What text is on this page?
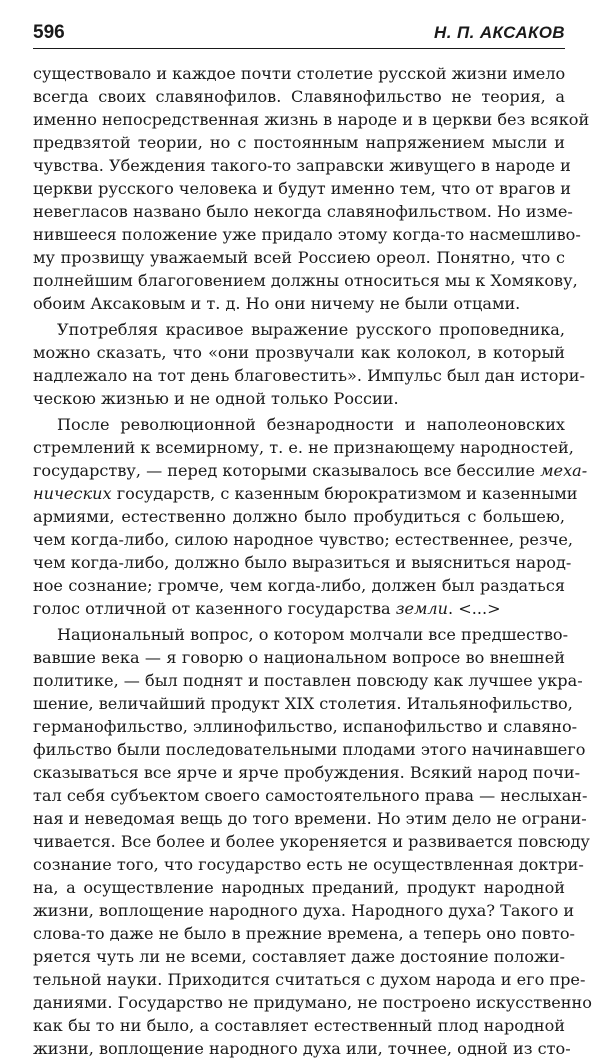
596	Н. П. АКСАКОВ
существовало и каждое почти столетие русской жизни имело
всегда своих славянофилов. Славянофильство не теория, а
именно непосредственная жизнь в народе и в церкви без всякой
предвзятой теории, но с постоянным напряжением мысли и
чувства. Убеждения такого-то заправски живущего в народе и
церкви русского человека и будут именно тем, что от врагов и
невегласов названо было некогда славянофильством. Но изме-
нившееся положение уже придало этому когда-то насмешливо-
му прозвищу уважаемый всей Россиею ореол. Понятно, что с
полнейшим благоговением должны относиться мы к Хомякову,
обоим Аксаковым и т. д. Но они ничему не были отцами.
Употребляя красивое выражение русского проповедника,
можно сказать, что «они прозвучали как колокол, в который
надлежало на тот день благовестить». Импульс был дан истори-
ческою жизнью и не одной только России.
После революционной безнародности и наполеоновских
стремлений к всемирному, т. е. не признающему народностей,
государству, — перед которыми сказывалось все бессилие меха-
нических государств, с казенным бюрократизмом и казенными
армиями, естественно должно было пробудиться с большею,
чем когда-либо, силою народное чувство; естественнее, резче,
чем когда-либо, должно было выразиться и выясниться народ-
ное сознание; громче, чем когда-либо, должен был раздаться
голос отличной от казенного государства земли. <...>
Национальный вопрос, о котором молчали все предшество-
вавшие века — я говорю о национальном вопросе во внешней
политике, — был поднят и поставлен повсюду как лучшее укра-
шение, величайший продукт XIX столетия. Итальянофильство,
германофильство, эллинофильство, испанофильство и славяно-
фильство были последовательными плодами этого начинавшего
сказываться все ярче и ярче пробуждения. Всякий народ почи-
тал себя субъектом своего самостоятельного права — неслыхан-
ная и неведомая вещь до того времени. Но этим дело не ограни-
чивается. Все более и более укореняется и развивается повсюду
сознание того, что государство есть не осуществленная доктри-
на, а осуществление народных преданий, продукт народной
жизни, воплощение народного духа. Народного духа? Такого и
слова-то даже не было в прежние времена, а теперь оно повто-
ряется чуть ли не всеми, составляет даже достояние положи-
тельной науки. Приходится считаться с духом народа и его пре-
даниями. Государство не придумано, не построено искусственно
как бы то ни было, а составляет естественный плод народной
жизни, воплощение народного духа или, точнее, одной из сто-
